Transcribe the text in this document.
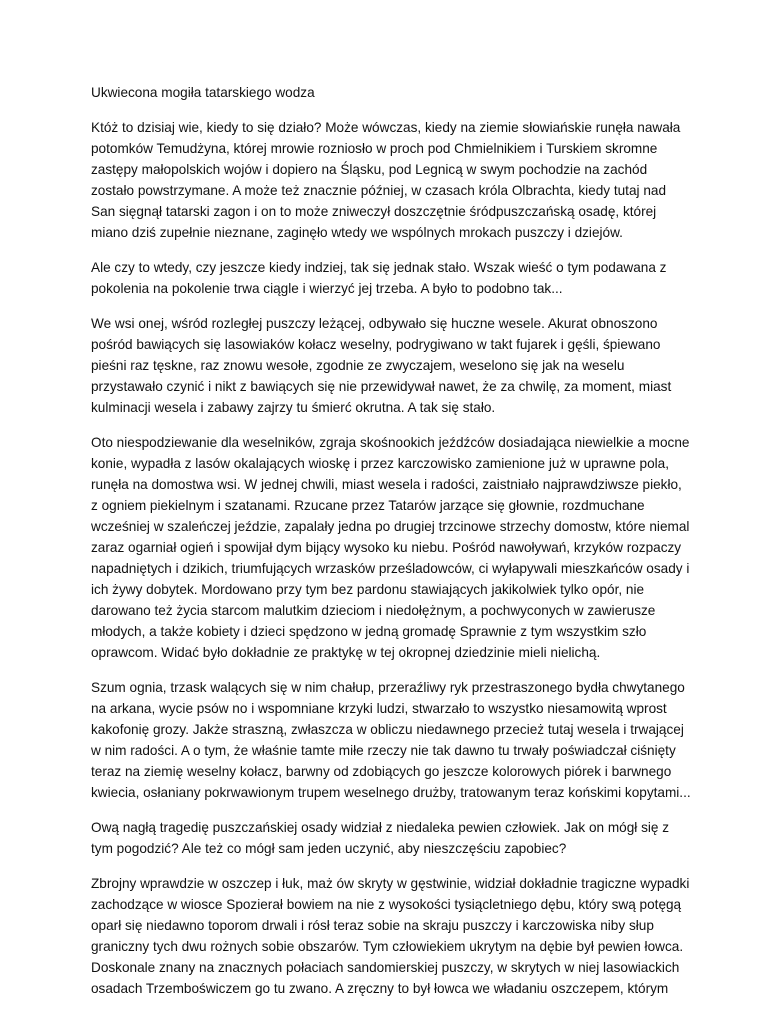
Ukwiecona mogiła tatarskiego wodza

Któż to dzisiaj wie, kiedy to się działo? Może wówczas, kiedy na ziemie słowiańskie runęła nawała potomków Temudżyna, której mrowie rozniosło w proch pod Chmielnikiem i Turskiem skromne zastępy małopolskich wojów i dopiero na Śląsku, pod Legnicą w swym pochodzie na zachód zostało powstrzymane. A może też znacznie później, w czasach króla Olbrachta, kiedy tutaj nad San sięgnął tatarski zagon i on to może zniweczył doszczętnie śródpuszczańską osadę, której miano dziś zupełnie nieznane, zaginęło wtedy we wspólnych mrokach puszczy i dziejów.

Ale czy to wtedy, czy jeszcze kiedy indziej, tak się jednak stało. Wszak wieść o tym podawana z pokolenia na pokolenie trwa ciągle i wierzyć jej trzeba. A było to podobno tak...

We wsi onej, wśród rozległej puszczy leżącej, odbywało się huczne wesele. Akurat obnoszono pośród bawiących się lasowiaków kołacz weselny, podrygiwano w takt fujarek i gęśli, śpiewano pieśni raz tęskne, raz znowu wesołe, zgodnie ze zwyczajem, weselono się jak na weselu przystawało czynić i nikt z bawiących się nie przewidywał nawet, że za chwilę, za moment, miast kulminacji wesela i zabawy zajrzy tu śmierć okrutna. A tak się stało.

Oto niespodziewanie dla weselników, zgraja skośnookich jeźdźców dosiadająca niewielkie a mocne konie, wypadła z lasów okalających wioskę i przez karczowisko zamienione już w uprawne pola, runęła na domostwa wsi. W jednej chwili, miast wesela i radości, zaistniało najprawdziwsze piekło, z ogniem piekielnym i szatanami. Rzucane przez Tatarów jarzące się głownie, rozdmuchane wcześniej w szaleńczej jeździe, zapalały jedna po drugiej trzcinowe strzechy domostw, które niemal zaraz ogarniał ogień i spowijał dym bijący wysoko ku niebu. Pośród nawoływań, krzyków rozpaczy napadniętych i dzikich, triumfujących wrzasków prześladowców, ci wyłapywali mieszkańców osady i ich żywy dobytek. Mordowano przy tym bez pardonu stawiających jakikolwiek tylko opór, nie darowano też życia starcom malutkim dzieciom i niedołężnym, a pochwyconych w zawierusze młodych, a także kobiety i dzieci spędzono w jedną gromadę Sprawnie z tym wszystkim szło oprawcom. Widać było dokładnie ze praktykę w tej okropnej dziedzinie mieli nielichą.

Szum ognia, trzask walących się w nim chałup, przeraźliwy ryk przestraszonego bydła chwytanego na arkana, wycie psów no i wspomniane krzyki ludzi, stwarzało to wszystko niesamowitą wprost kakofonię grozy. Jakże straszną, zwłaszcza w obliczu niedawnego przecież tutaj wesela i trwającej w nim radości. A o tym, że właśnie tamte miłe rzeczy nie tak dawno tu trwały poświadczał ciśnięty teraz na ziemię weselny kołacz, barwny od zdobiących go jeszcze kolorowych piórek i barwnego kwiecia, osłaniany pokrwawionym trupem weselnego drużby, tratowanym teraz końskimi kopytami...

Ową nagłą tragedię puszczańskiej osady widział z niedaleka pewien człowiek. Jak on mógł się z tym pogodzić? Ale też co mógł sam jeden uczynić, aby nieszczęściu zapobiec?

Zbrojny wprawdzie w oszczep i łuk, maż ów skryty w gęstwinie, widział dokładnie tragiczne wypadki zachodzące w wiosce Spozierał bowiem na nie z wysokości tysiącletniego dębu, który swą potęgą oparł się niedawno toporom drwali i rósł teraz sobie na skraju puszczy i karczowiska niby słup graniczny tych dwu rożnych sobie obszarów. Tym człowiekiem ukrytym na dębie był pewien łowca. Doskonale znany na znacznych połaciach sandomierskiej puszczy, w skrytych w niej lasowiackich osadach Trzemboświczem go tu zwano. A zręczny to był łowca we władaniu oszczepem, którym
